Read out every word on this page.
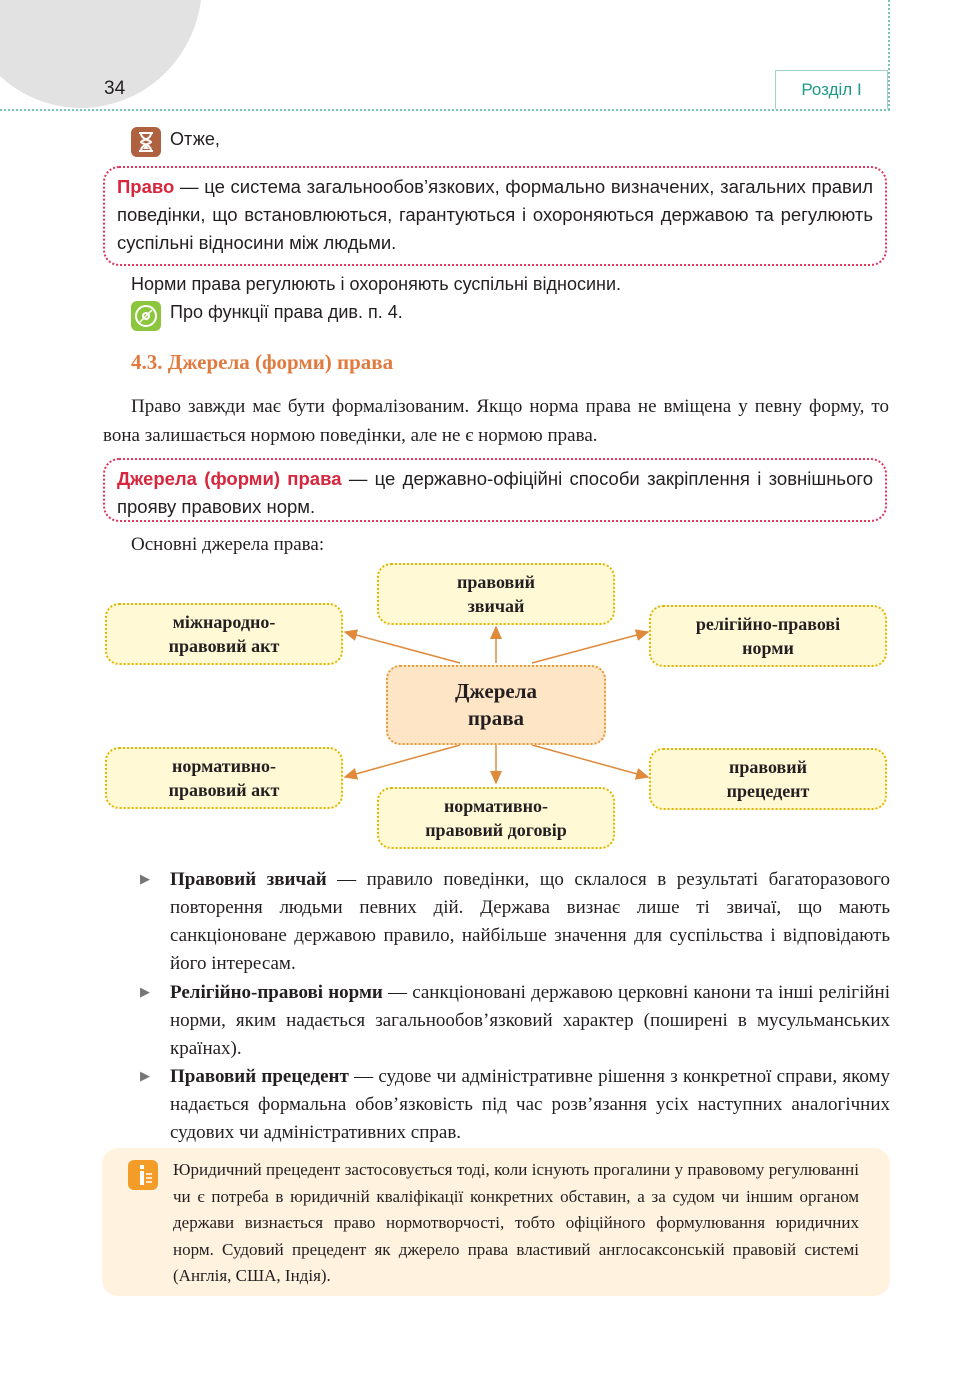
34	Розділ І
Отже,
Право — це система загальнообов’язкових, формально визначених, загальних правил поведінки, що встановлюються, гарантуються і охороняються державою та регулюють суспільні відносини між людьми.
Норми права регулюють і охороняють суспільні відносини.
Про функції права див. п. 4.
4.3. Джерела (форми) права
Право завжди має бути формалізованим. Якщо норма права не вміщена у певну форму, то вона залишається нормою поведінки, але не є нормою права.
Джерела (форми) права — це державно-офіційні способи закріплення і зовнішнього прояву правових норм.
Основні джерела права:
правовий
звичай
міжнародно-
правовий акт
релігійно-правові
норми
Джерела
права
нормативно-
правовий акт
нормативно-
правовий договір
правовий
прецедент
▶ Правовий звичай — правило поведінки, що склалося в результаті багаторазового повторення людьми певних дій. Держава визнає лише ті звичаї, що мають санкціоноване державою правило, найбільше значення для суспільства і відповідають його інтересам.
▶ Релігійно-правові норми — санкціоновані державою церковні канони та інші релігійні норми, яким надається загальнообов’язковий характер (поширені в мусульманських країнах).
▶ Правовий прецедент — судове чи адміністративне рішення з конкретної справи, якому надається формальна обов’язковість під час розв’язання усіх наступних аналогічних судових чи адміністративних справ.
Юридичний прецедент застосовується тоді, коли існують прогалини у правовому регулюванні чи є потреба в юридичній кваліфікації конкретних обставин, а за судом чи іншим органом держави визнається право нормотворчості, тобто офіційного формулювання юридичних норм. Судовий прецедент як джерело права властивий англосаксонській правовій системі (Англія, США, Індія).
